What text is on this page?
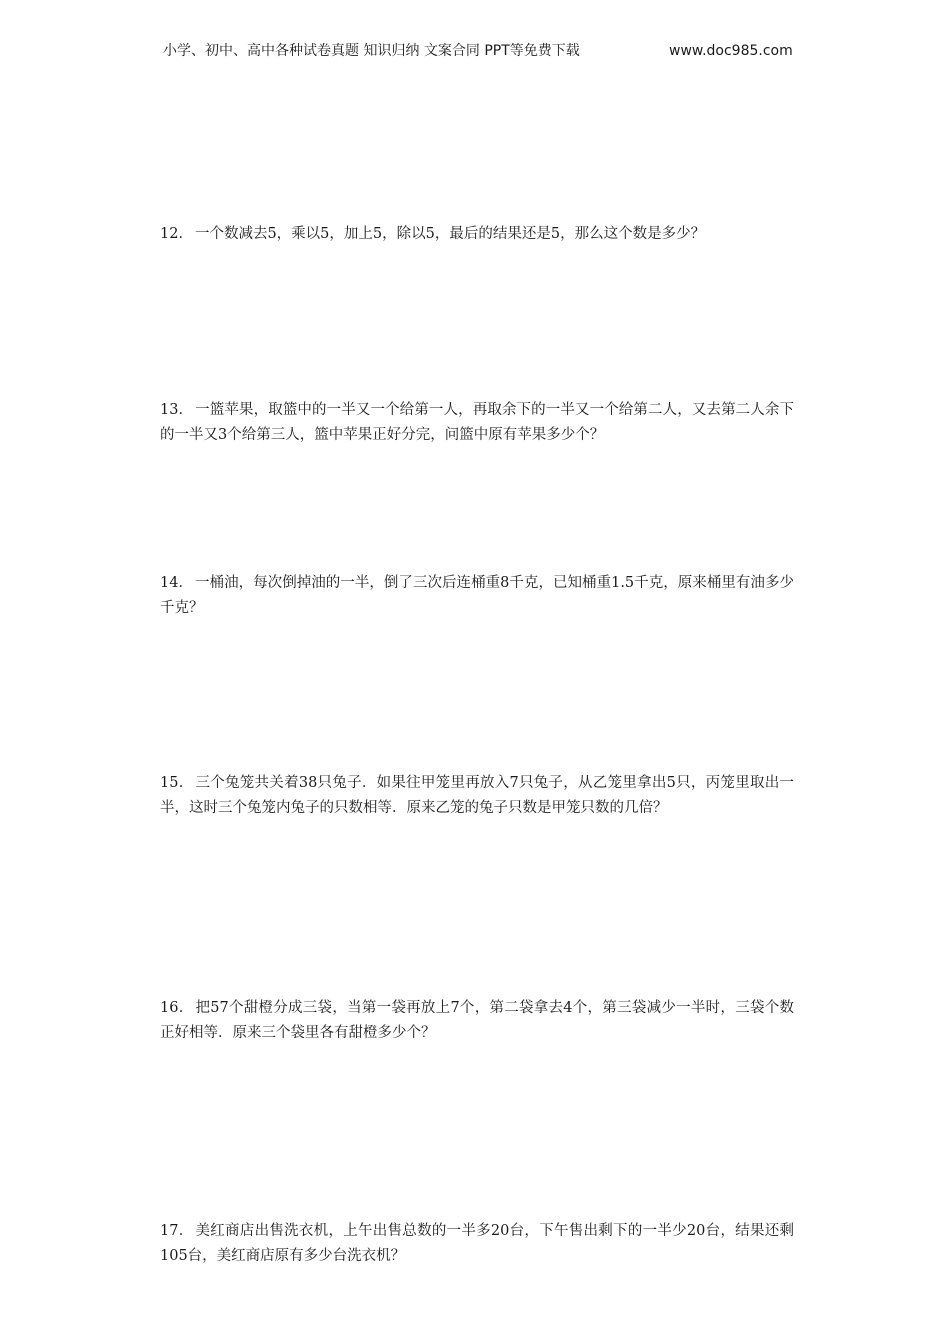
小学、初中、高中各种试卷真题 知识归纳 文案合同 PPT等免费下载	www.doc985.com
12． 一个数减去5，乘以5，加上5，除以5，最后的结果还是5，那么这个数是多少？
13． 一篮苹果，取篮中的一半又一个给第一人，再取余下的一半又一个给第二人，又去第二人余下的一半又3个给第三人，篮中苹果正好分完，问篮中原有苹果多少个？
14． 一桶油，每次倒掉油的一半，倒了三次后连桶重8千克，已知桶重1.5千克，原来桶里有油多少千克？
15． 三个兔笼共关着38只兔子．如果往甲笼里再放入7只兔子，从乙笼里拿出5只，丙笼里取出一半，这时三个兔笼内兔子的只数相等．原来乙笼的兔子只数是甲笼只数的几倍？
16． 把57个甜橙分成三袋，当第一袋再放上7个，第二袋拿去4个，第三袋减少一半时，三袋个数正好相等．原来三个袋里各有甜橙多少个？
17． 美红商店出售洗衣机，上午出售总数的一半多20台，下午售出剩下的一半少20台，结果还剩105台，美红商店原有多少台洗衣机？
